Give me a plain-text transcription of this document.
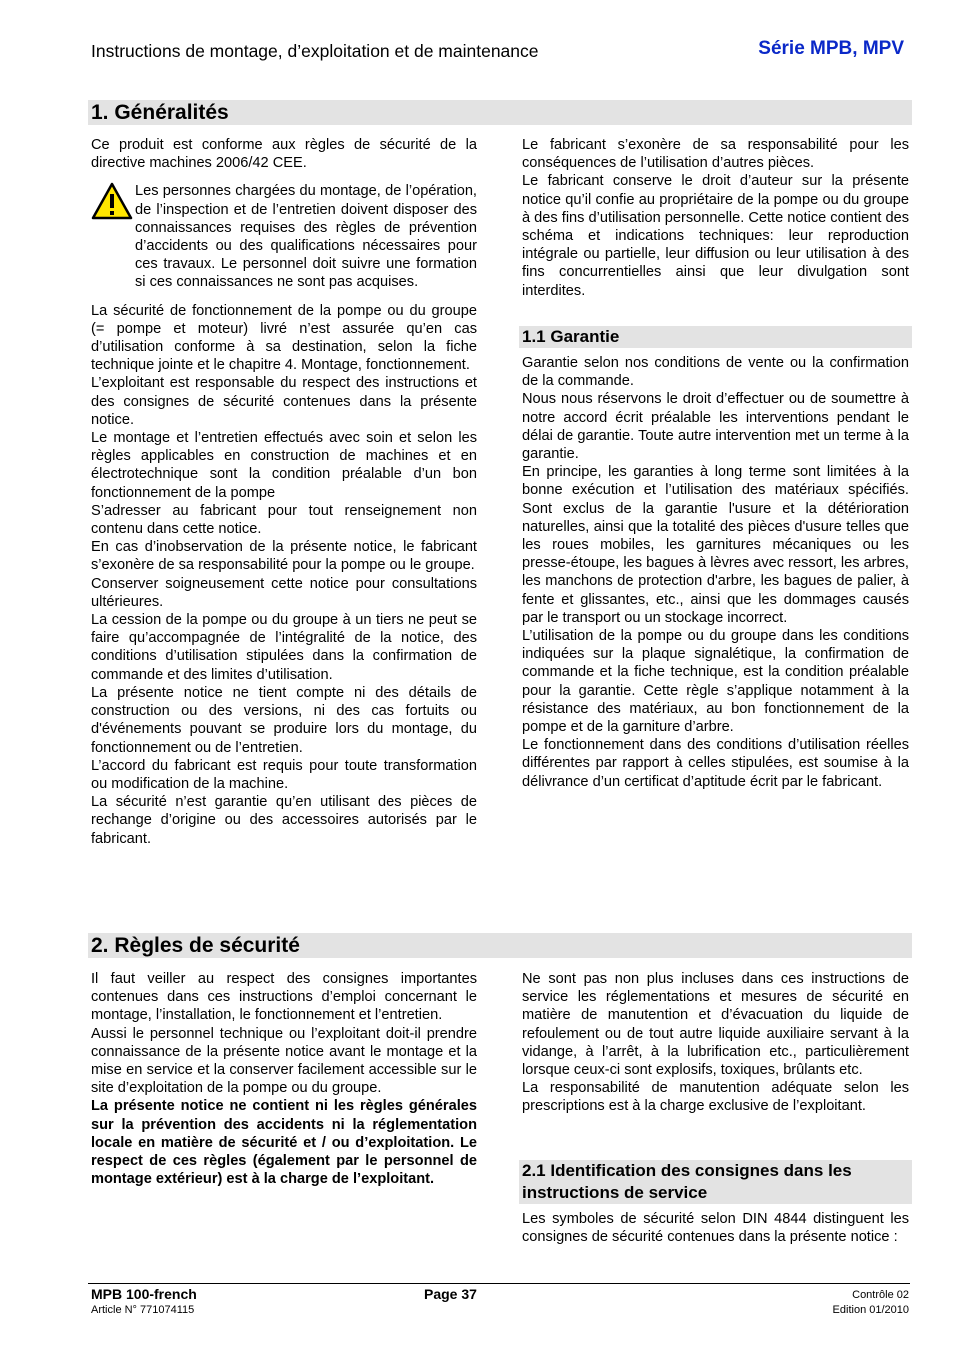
Instructions de montage, d’exploitation et de maintenance	Série MPB, MPV
1. Généralités

Ce produit est conforme aux règles de sécurité de la directive machines 2006/42 CEE.

Les personnes chargées du montage, de l’opération, de l’inspection et de l’entretien doivent disposer des connaissances requises des règles de prévention d’accidents ou des qualifications nécessaires pour ces travaux. Le personnel doit suivre une formation si ces connaissances ne sont pas acquises.

La sécurité de fonctionnement de la pompe ou du groupe (= pompe et moteur) livré n’est assurée qu’en cas d’utilisation conforme à sa destination, selon la fiche technique jointe et le chapitre 4. Montage, fonctionnement.

L’exploitant est responsable du respect des instructions et des consignes de sécurité contenues dans la présente notice.

Le montage et l’entretien effectués avec soin et selon les règles applicables en construction de machines et en électrotechnique sont la condition préalable d’un bon fonctionnement de la pompe

S’adresser au fabricant pour tout renseignement non contenu dans cette notice.

En cas d’inobservation de la présente notice, le fabricant s’exonère de sa responsabilité pour la pompe ou le groupe.

Conserver soigneusement cette notice pour consultations ultérieures.

La cession de la pompe ou du groupe à un tiers ne peut se faire qu’accompagnée de l’intégralité de la notice, des conditions d’utilisation stipulées dans la confirmation de commande et des limites d’utilisation.

La présente notice ne tient compte ni des détails de construction ou des versions, ni des cas fortuits ou d'événements pouvant se produire lors du montage, du fonctionnement ou de l’entretien.

L’accord du fabricant est requis pour toute transformation ou modification de la machine.

La sécurité n’est garantie qu’en utilisant des pièces de rechange d’origine ou des accessoires autorisés par le fabricant.

Le fabricant s’exonère de sa responsabilité pour les conséquences de l’utilisation d’autres pièces.

Le fabricant conserve le droit d’auteur sur la présente notice qu’il confie au propriétaire de la pompe ou du groupe à des fins d’utilisation personnelle. Cette notice contient des schéma et indications techniques: leur reproduction intégrale ou partielle, leur diffusion ou leur utilisation à des fins concurrentielles ainsi que leur divulgation sont interdites.

1.1 Garantie

Garantie selon nos conditions de vente ou la confirmation de la commande.

Nous nous réservons le droit d’effectuer ou de soumettre à notre accord écrit préalable les interventions pendant le délai de garantie. Toute autre intervention met un terme à la garantie.

En principe, les garanties à long terme sont limitées à la bonne exécution et l’utilisation des matériaux spécifiés. Sont exclus de la garantie l'usure et la détérioration naturelles, ainsi que la totalité des pièces d'usure telles que les roues mobiles, les garnitures mécaniques ou les presse-étoupe, les bagues à lèvres avec ressort, les arbres, les manchons de protection d'arbre, les bagues de palier, à fente et glissantes, etc., ainsi que les dommages causés par le transport ou un stockage incorrect.

L’utilisation de la pompe ou du groupe dans les conditions indiquées sur la plaque signalétique, la confirmation de commande et la fiche technique, est la condition préalable pour la garantie. Cette règle s’applique notamment à la résistance des matériaux, au bon fonctionnement de la pompe et de la garniture d’arbre.

Le fonctionnement dans des conditions d’utilisation réelles différentes par rapport à celles stipulées, est soumise à la délivrance d’un certificat d’aptitude écrit par le fabricant.

2. Règles de sécurité

Il faut veiller au respect des consignes importantes contenues dans ces instructions d’emploi concernant le montage, l’installation, le fonctionnement et l’entretien.

Aussi le personnel technique ou l’exploitant doit-il prendre connaissance de la présente notice avant le montage et la mise en service et la conserver facilement accessible sur le site d’exploitation de la pompe ou du groupe.

La présente notice ne contient ni les règles générales sur la prévention des accidents ni la réglementation locale en matière de sécurité et / ou d’exploitation. Le respect de ces règles (également par le personnel de montage extérieur) est à la charge de l’exploitant.

Ne sont pas non plus incluses dans ces instructions de service les réglementations et mesures de sécurité en matière de manutention et d’évacuation du liquide de refoulement ou de tout autre liquide auxiliaire servant à la vidange, à l’arrêt, à la lubrification etc., particulièrement lorsque ceux-ci sont explosifs, toxiques, brûlants etc.

La responsabilité de manutention adéquate selon les prescriptions est à la charge exclusive de l’exploitant.

2.1 Identification des consignes dans les instructions de service

Les symboles de sécurité selon DIN 4844 distinguent les consignes de sécurité contenues dans la présente notice :

MPB 100-french
Article N° 771074115
Page 37	Contrôle 02
Edition 01/2010
